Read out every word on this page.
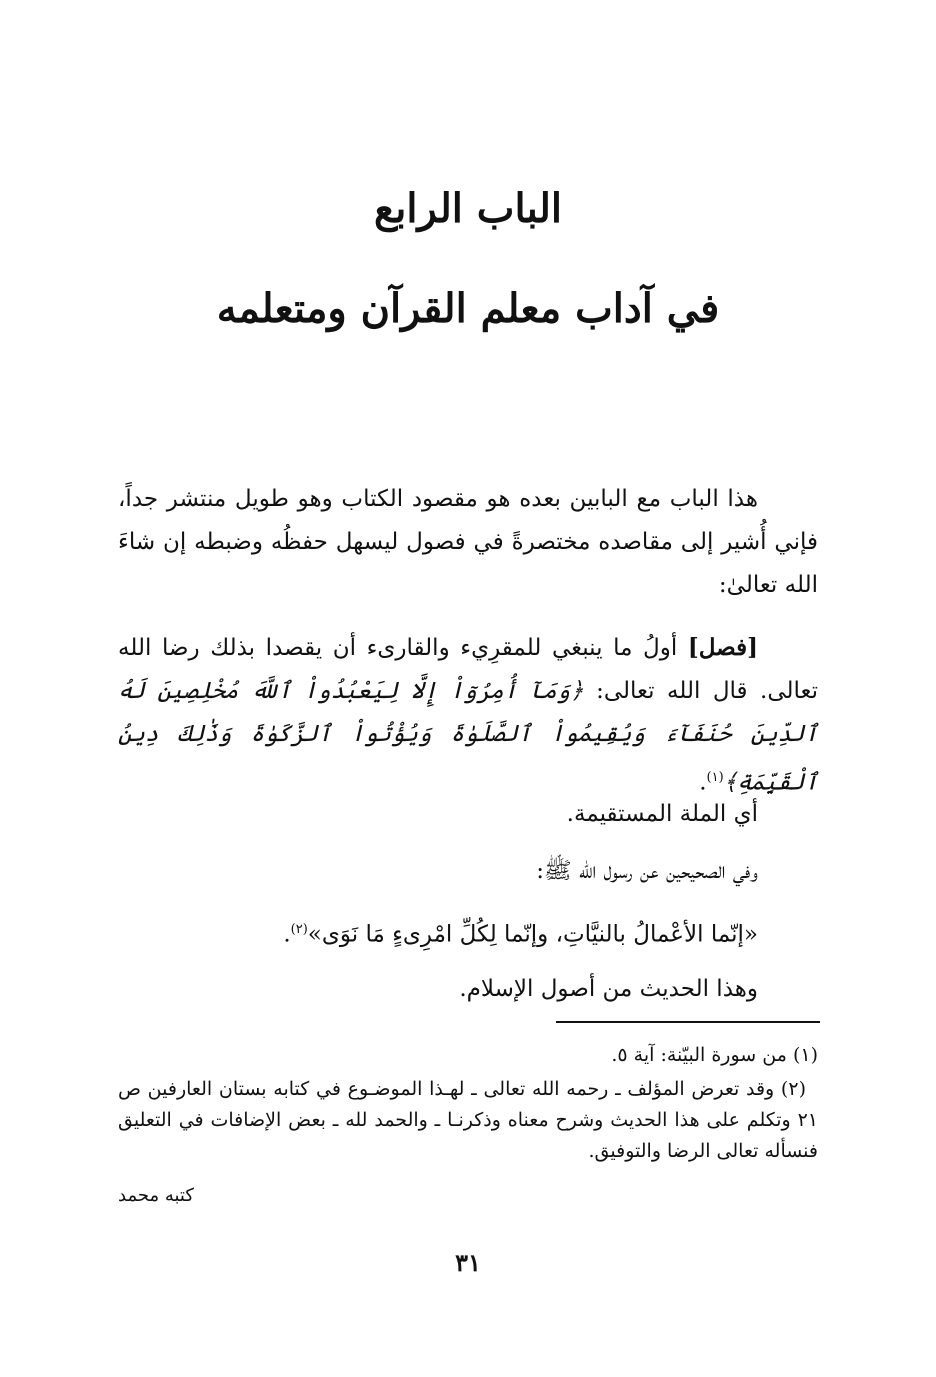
الباب الرابع
في آداب معلم القرآن ومتعلمه

هذا الباب مع البابين بعده هو مقصود الكتاب وهو طويل منتشر جداً، فإني أُشير إلى مقاصده مختصرةً في فصول ليسهل حفظُه وضبطه إن شاءَ الله تعالىٰ:

[فصل] أولُ ما ينبغي للمقرِيء والقارىء أن يقصدا بذلك رضا الله تعالى. قال الله تعالى: ﴿وَمَآ أُمِرُوٓاْ إِلَّا لِيَعْبُدُواْ ٱللَّهَ مُخْلِصِينَ لَهُ ٱلدِّينَ حُنَفَآءَ وَيُقِيمُواْ ٱلصَّلَوٰةَ وَيُؤْتُواْ ٱلزَّكَوٰةَ وَذَٰلِكَ دِينُ ٱلْقَيِّمَةِ﴾$^{(١)}$.

أي الملة المستقيمة.
وفي الصحيحين عن رسول الله ﷺ:
«إنّما الأعْمالُ بالنيَّاتِ، وإنّما لِكُلِّ امْرِىءٍ مَا نَوَى»$^{(٢)}$.
وهذا الحديث من أصول الإسلام.

(١) من سورة البيّنة: آية ٥.

(٢) وقد تعرض المؤلف ـ رحمه الله تعالى ـ لهـذا الموضـوع في كتابه بستان العارفين ص ٢١ وتكلم على هذا الحديث وشرح معناه وذكرنـا ـ والحمد لله ـ بعض الإضافات في التعليق فنسأله تعالى الرضا والتوفيق.

كتبه محمد
٣١
